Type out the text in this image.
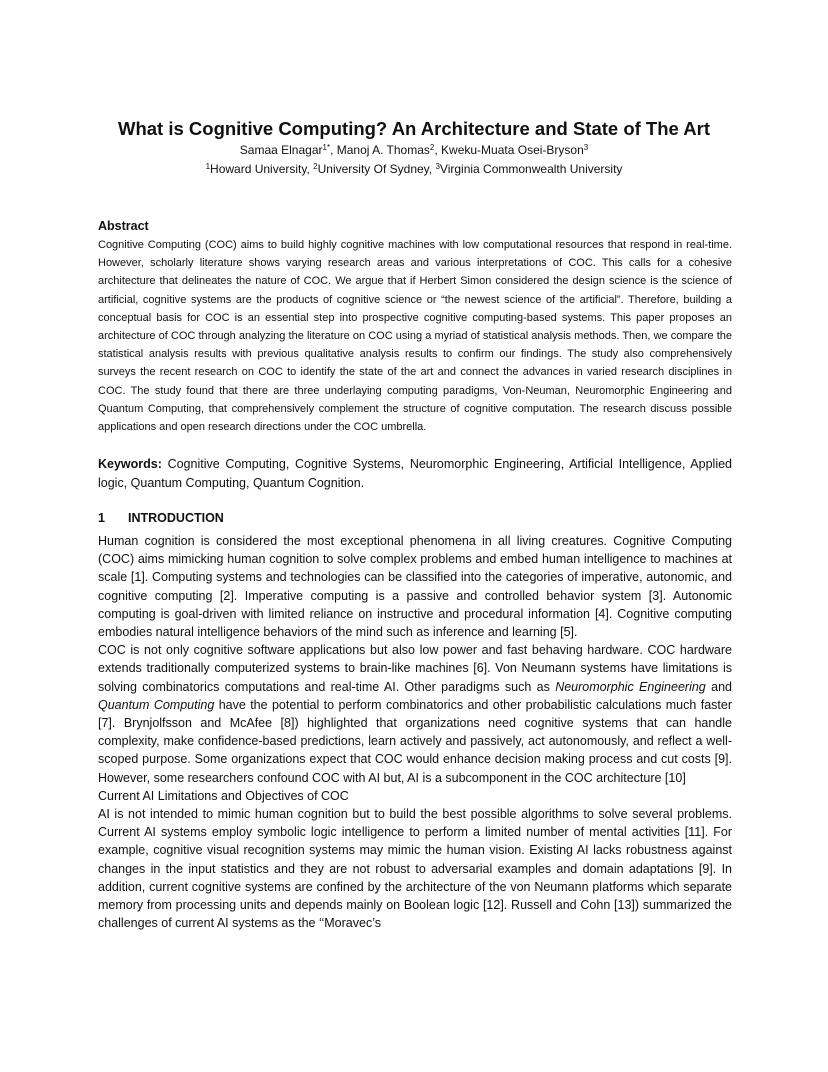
What is Cognitive Computing? An Architecture and State of The Art
Samaa Elnagar$^{1*}$, Manoj A. Thomas$^2$, Kweku-Muata Osei-Bryson$^3$
$^1$Howard University, $^2$University Of Sydney, $^3$Virginia Commonwealth University
Abstract

Cognitive Computing (COC) aims to build highly cognitive machines with low computational resources that respond in real-time. However, scholarly literature shows varying research areas and various interpretations of COC. This calls for a cohesive architecture that delineates the nature of COC. We argue that if Herbert Simon considered the design science is the science of artificial, cognitive systems are the products of cognitive science or “the newest science of the artificial”. Therefore, building a conceptual basis for COC is an essential step into prospective cognitive computing-based systems. This paper proposes an architecture of COC through analyzing the literature on COC using a myriad of statistical analysis methods. Then, we compare the statistical analysis results with previous qualitative analysis results to confirm our findings. The study also comprehensively surveys the recent research on COC to identify the state of the art and connect the advances in varied research disciplines in COC. The study found that there are three underlaying computing paradigms, Von-Neuman, Neuromorphic Engineering and Quantum Computing, that comprehensively complement the structure of cognitive computation. The research discuss possible applications and open research directions under the COC umbrella.

Keywords: Cognitive Computing, Cognitive Systems, Neuromorphic Engineering, Artificial Intelligence, Applied logic, Quantum Computing, Quantum Cognition.

1 INTRODUCTION

Human cognition is considered the most exceptional phenomena in all living creatures. Cognitive Computing (COC) aims mimicking human cognition to solve complex problems and embed human intelligence to machines at scale [1]. Computing systems and technologies can be classified into the categories of imperative, autonomic, and cognitive computing [2]. Imperative computing is a passive and controlled behavior system [3]. Autonomic computing is goal-driven with limited reliance on instructive and procedural information [4]. Cognitive computing embodies natural intelligence behaviors of the mind such as inference and learning [5].

COC is not only cognitive software applications but also low power and fast behaving hardware. COC hardware extends traditionally computerized systems to brain-like machines [6]. Von Neumann systems have limitations is solving combinatorics computations and real-time AI. Other paradigms such as Neuromorphic Engineering and Quantum Computing have the potential to perform combinatorics and other probabilistic calculations much faster [7]. Brynjolfsson and McAfee [8]) highlighted that organizations need cognitive systems that can handle complexity, make confidence-based predictions, learn actively and passively, act autonomously, and reflect a well-scoped purpose. Some organizations expect that COC would enhance decision making process and cut costs [9]. However, some researchers confound COC with AI but, AI is a subcomponent in the COC architecture [10]

Current AI Limitations and Objectives of COC

AI is not intended to mimic human cognition but to build the best possible algorithms to solve several problems. Current AI systems employ symbolic logic intelligence to perform a limited number of mental activities [11]. For example, cognitive visual recognition systems may mimic the human vision. Existing AI lacks robustness against changes in the input statistics and they are not robust to adversarial examples and domain adaptations [9]. In addition, current cognitive systems are confined by the architecture of the von Neumann platforms which separate memory from processing units and depends mainly on Boolean logic [12]. Russell and Cohn [13]) summarized the challenges of current AI systems as the ‘‘Moravec’s
